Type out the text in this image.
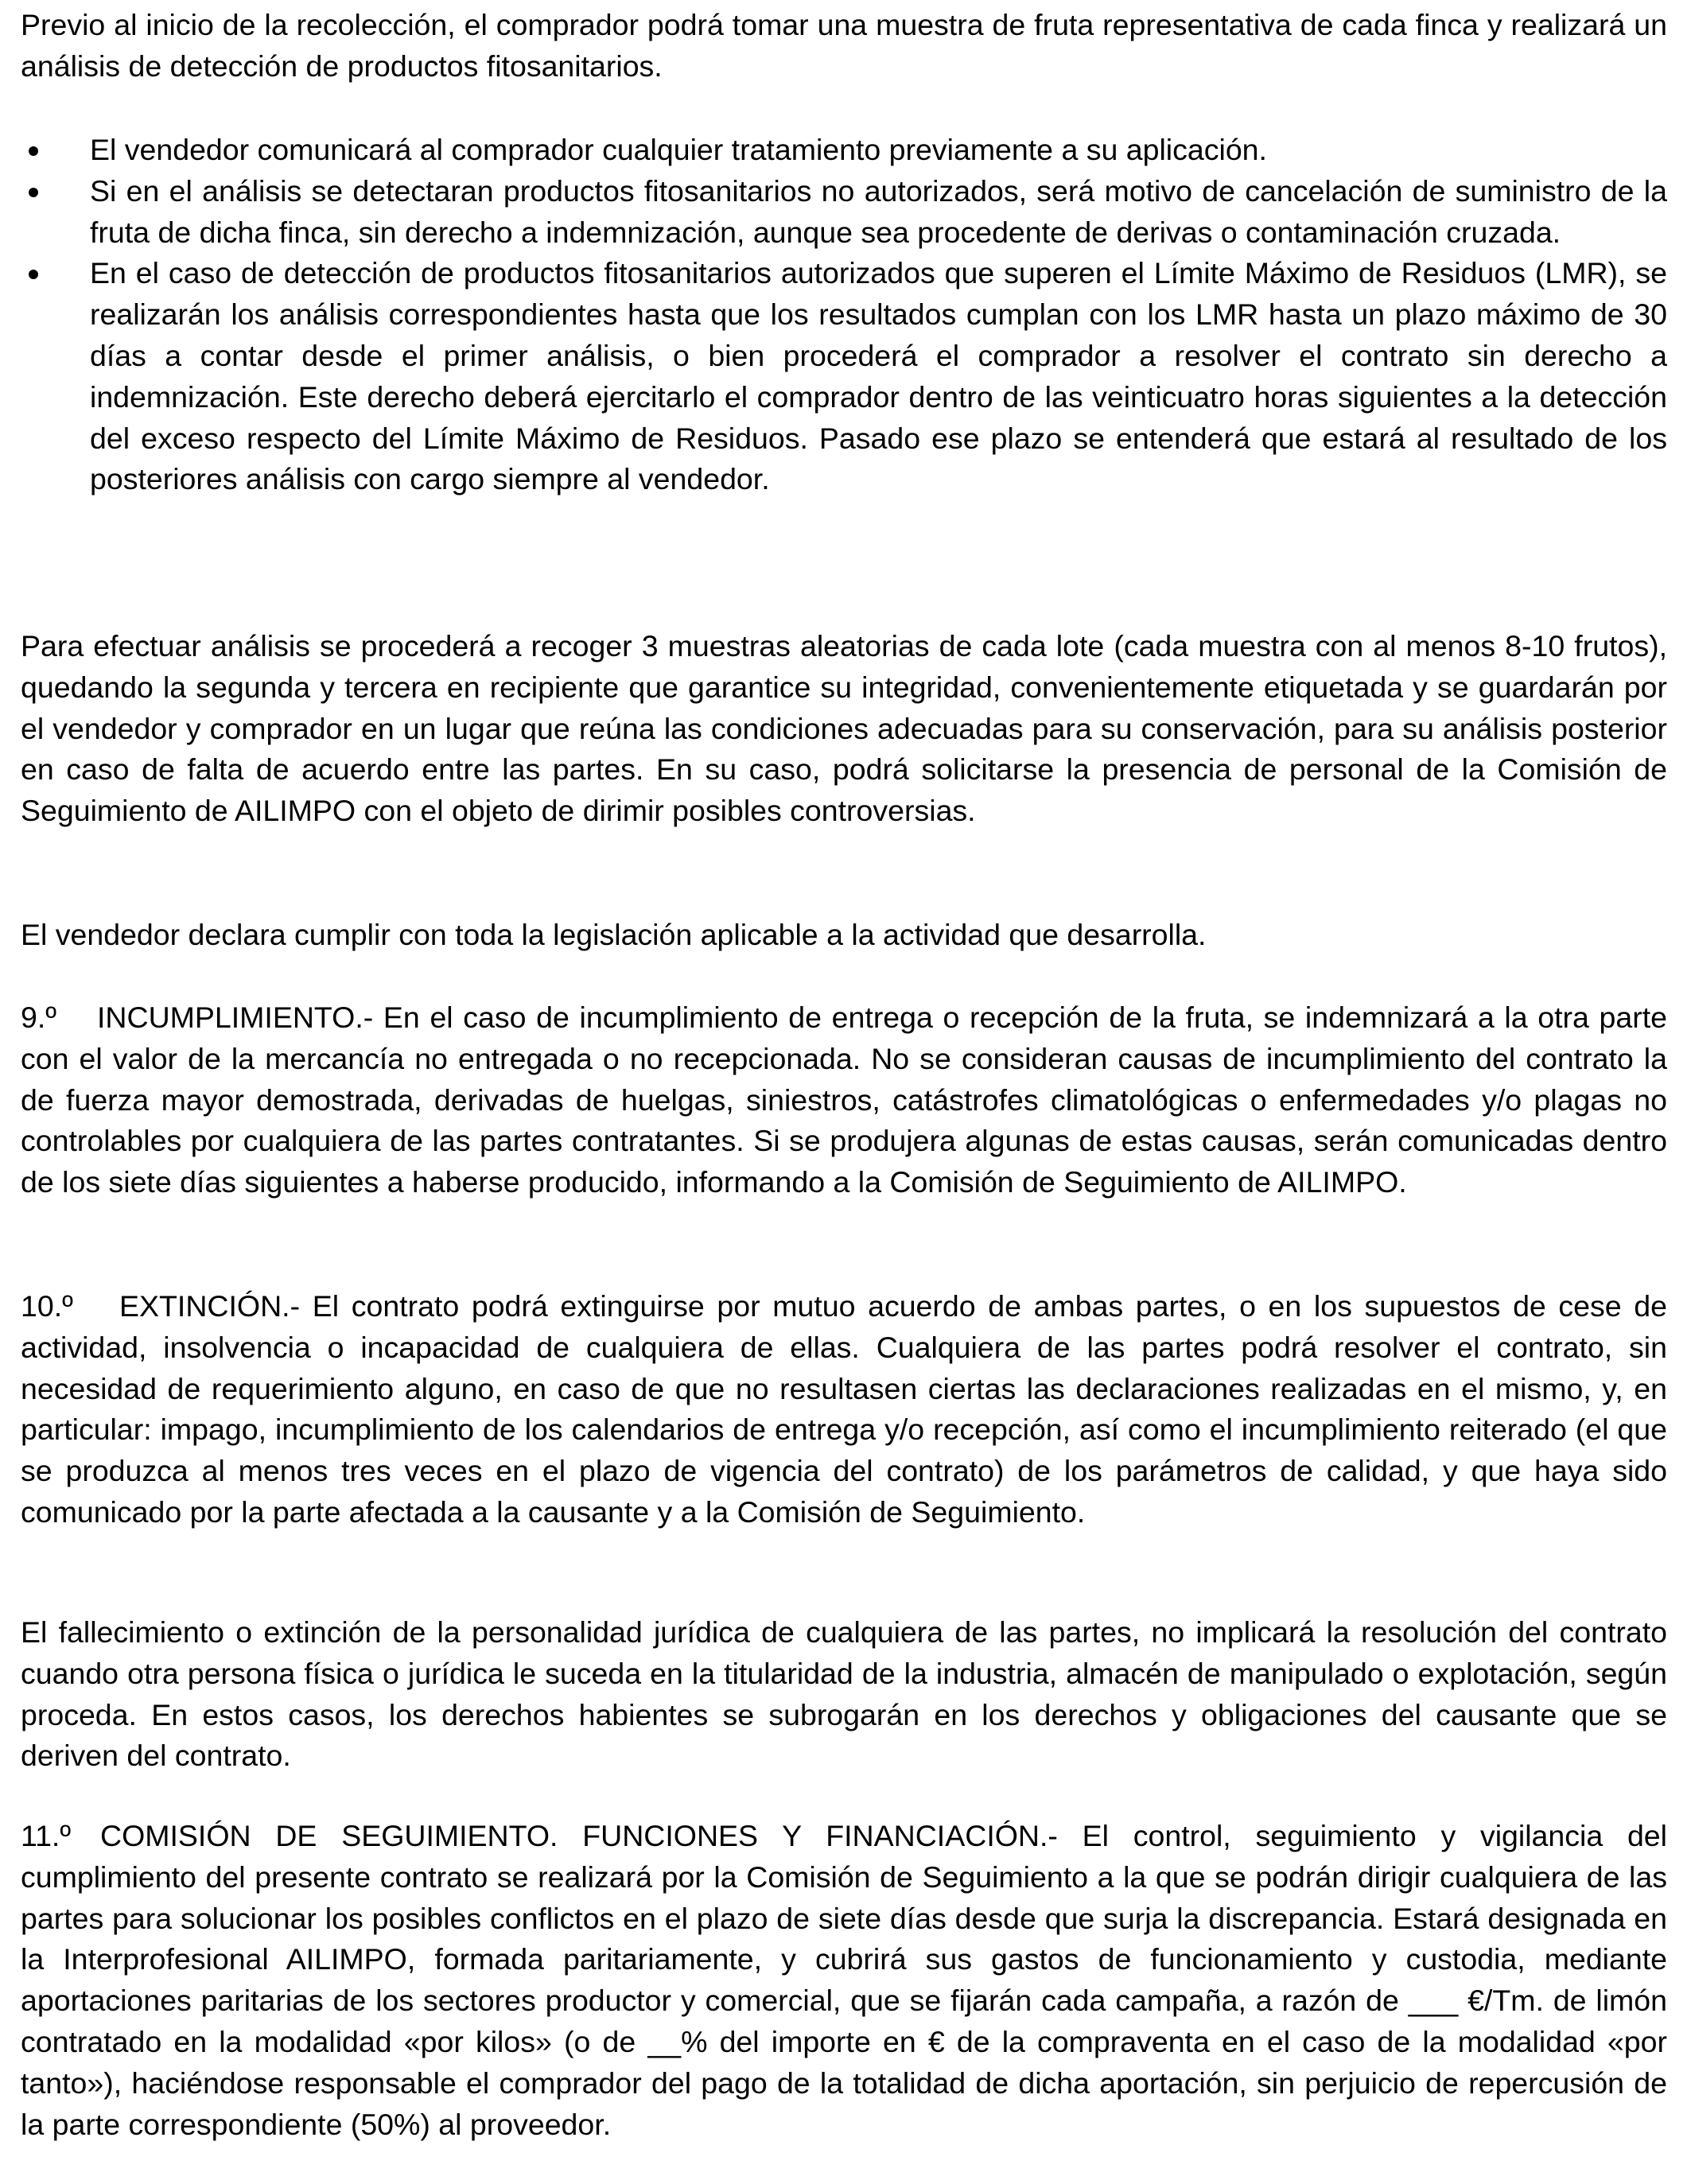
Previo al inicio de la recolección, el comprador podrá tomar una muestra de fruta representativa de cada finca y realizará un análisis de detección de productos fitosanitarios.

El vendedor comunicará al comprador cualquier tratamiento previamente a su aplicación.
Si en el análisis se detectaran productos fitosanitarios no autorizados, será motivo de cancelación de suministro de la fruta de dicha finca, sin derecho a indemnización, aunque sea procedente de derivas o contaminación cruzada.
En el caso de detección de productos fitosanitarios autorizados que superen el Límite Máximo de Residuos (LMR), se realizarán los análisis correspondientes hasta que los resultados cumplan con los LMR hasta un plazo máximo de 30 días a contar desde el primer análisis, o bien procederá el comprador a resolver el contrato sin derecho a indemnización. Este derecho deberá ejercitarlo el comprador dentro de las veinticuatro horas siguientes a la detección del exceso respecto del Límite Máximo de Residuos. Pasado ese plazo se entenderá que estará al resultado de los posteriores análisis con cargo siempre al vendedor.

Para efectuar análisis se procederá a recoger 3 muestras aleatorias de cada lote (cada muestra con al menos 8-10 frutos), quedando la segunda y tercera en recipiente que garantice su integridad, convenientemente etiquetada y se guardarán por el vendedor y comprador en un lugar que reúna las condiciones adecuadas para su conservación, para su análisis posterior en caso de falta de acuerdo entre las partes. En su caso, podrá solicitarse la presencia de personal de la Comisión de Seguimiento de AILIMPO con el objeto de dirimir posibles controversias.

El vendedor declara cumplir con toda la legislación aplicable a la actividad que desarrolla.

9.º INCUMPLIMIENTO.- En el caso de incumplimiento de entrega o recepción de la fruta, se indemnizará a la otra parte con el valor de la mercancía no entregada o no recepcionada. No se consideran causas de incumplimiento del contrato la de fuerza mayor demostrada, derivadas de huelgas, siniestros, catástrofes climatológicas o enfermedades y/o plagas no controlables por cualquiera de las partes contratantes. Si se produjera algunas de estas causas, serán comunicadas dentro de los siete días siguientes a haberse producido, informando a la Comisión de Seguimiento de AILIMPO.

10.º EXTINCIÓN.- El contrato podrá extinguirse por mutuo acuerdo de ambas partes, o en los supuestos de cese de actividad, insolvencia o incapacidad de cualquiera de ellas. Cualquiera de las partes podrá resolver el contrato, sin necesidad de requerimiento alguno, en caso de que no resultasen ciertas las declaraciones realizadas en el mismo, y, en particular: impago, incumplimiento de los calendarios de entrega y/o recepción, así como el incumplimiento reiterado (el que se produzca al menos tres veces en el plazo de vigencia del contrato) de los parámetros de calidad, y que haya sido comunicado por la parte afectada a la causante y a la Comisión de Seguimiento.

El fallecimiento o extinción de la personalidad jurídica de cualquiera de las partes, no implicará la resolución del contrato cuando otra persona física o jurídica le suceda en la titularidad de la industria, almacén de manipulado o explotación, según proceda. En estos casos, los derechos habientes se subrogarán en los derechos y obligaciones del causante que se deriven del contrato.

11.º COMISIÓN DE SEGUIMIENTO. FUNCIONES Y FINANCIACIÓN.- El control, seguimiento y vigilancia del cumplimiento del presente contrato se realizará por la Comisión de Seguimiento a la que se podrán dirigir cualquiera de las partes para solucionar los posibles conflictos en el plazo de siete días desde que surja la discrepancia. Estará designada en la Interprofesional AILIMPO, formada paritariamente, y cubrirá sus gastos de funcionamiento y custodia, mediante aportaciones paritarias de los sectores productor y comercial, que se fijarán cada campaña, a razón de ___ €/Tm. de limón contratado en la modalidad «por kilos» (o de __% del importe en € de la compraventa en el caso de la modalidad «por tanto»), haciéndose responsable el comprador del pago de la totalidad de dicha aportación, sin perjuicio de repercusión de la parte correspondiente (50%) al proveedor.
